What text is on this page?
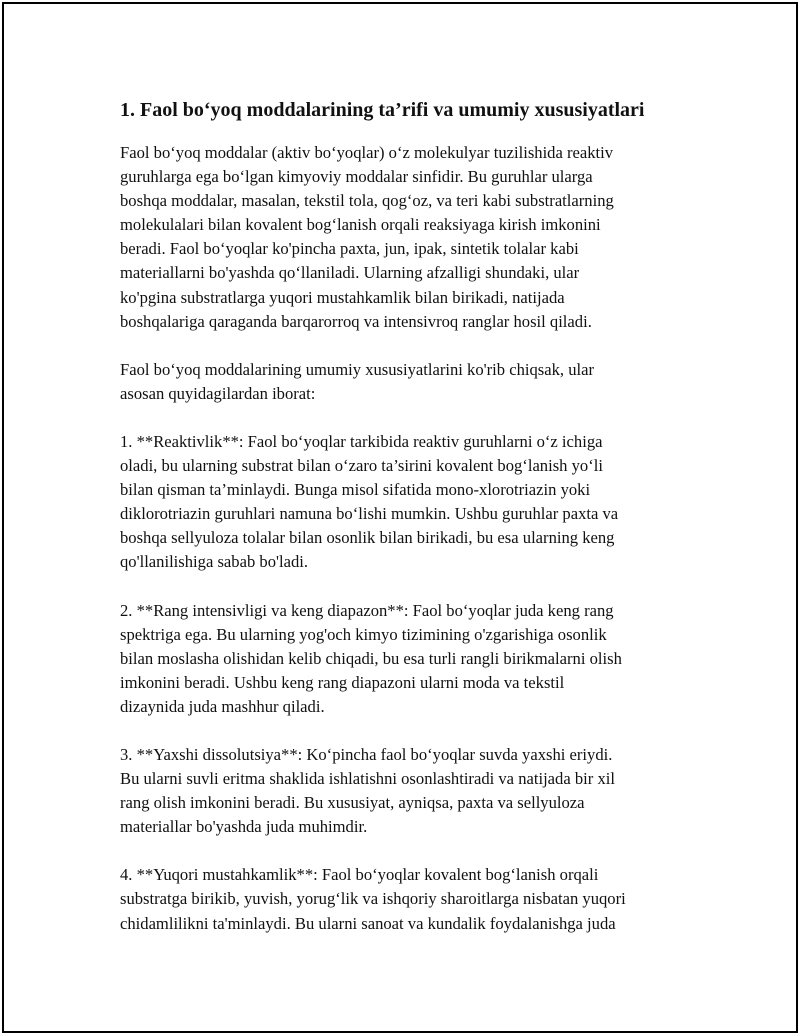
1. Faol bo‘yoq moddalarining ta’rifi va umumiy xususiyatlari

Faol bo‘yoq moddalar (aktiv bo‘yoqlar) o‘z molekulyar tuzilishida reaktiv
guruhlarga ega bo‘lgan kimyoviy moddalar sinfidir. Bu guruhlar ularga
boshqa moddalar, masalan, tekstil tola, qog‘oz, va teri kabi substratlarning
molekulalari bilan kovalent bog‘lanish orqali reaksiyaga kirish imkonini
beradi. Faol bo‘yoqlar ko'pincha paxta, jun, ipak, sintetik tolalar kabi
materiallarni bo'yashda qo‘llaniladi. Ularning afzalligi shundaki, ular
ko'pgina substratlarga yuqori mustahkamlik bilan birikadi, natijada
boshqalariga qaraganda barqarorroq va intensivroq ranglar hosil qiladi.

Faol bo‘yoq moddalarining umumiy xususiyatlarini ko'rib chiqsak, ular
asosan quyidagilardan iborat:

1. **Reaktivlik**: Faol bo‘yoqlar tarkibida reaktiv guruhlarni o‘z ichiga
oladi, bu ularning substrat bilan o‘zaro ta’sirini kovalent bog‘lanish yo‘li
bilan qisman ta’minlaydi. Bunga misol sifatida mono-xlorotriazin yoki
diklorotriazin guruhlari namuna bo‘lishi mumkin. Ushbu guruhlar paxta va
boshqa sellyuloza tolalar bilan osonlik bilan birikadi, bu esa ularning keng
qo'llanilishiga sabab bo'ladi.

2. **Rang intensivligi va keng diapazon**: Faol bo‘yoqlar juda keng rang
spektriga ega. Bu ularning yog'och kimyo tizimining o'zgarishiga osonlik
bilan moslasha olishidan kelib chiqadi, bu esa turli rangli birikmalarni olish
imkonini beradi. Ushbu keng rang diapazoni ularni moda va tekstil
dizaynida juda mashhur qiladi.

3. **Yaxshi dissolutsiya**: Ko‘pincha faol bo‘yoqlar suvda yaxshi eriydi.
Bu ularni suvli eritma shaklida ishlatishni osonlashtiradi va natijada bir xil
rang olish imkonini beradi. Bu xususiyat, ayniqsa, paxta va sellyuloza
materiallar bo'yashda juda muhimdir.

4. **Yuqori mustahkamlik**: Faol bo‘yoqlar kovalent bog‘lanish orqali
substratga birikib, yuvish, yorug‘lik va ishqoriy sharoitlarga nisbatan yuqori
chidamlilikni ta'minlaydi. Bu ularni sanoat va kundalik foydalanishga juda
